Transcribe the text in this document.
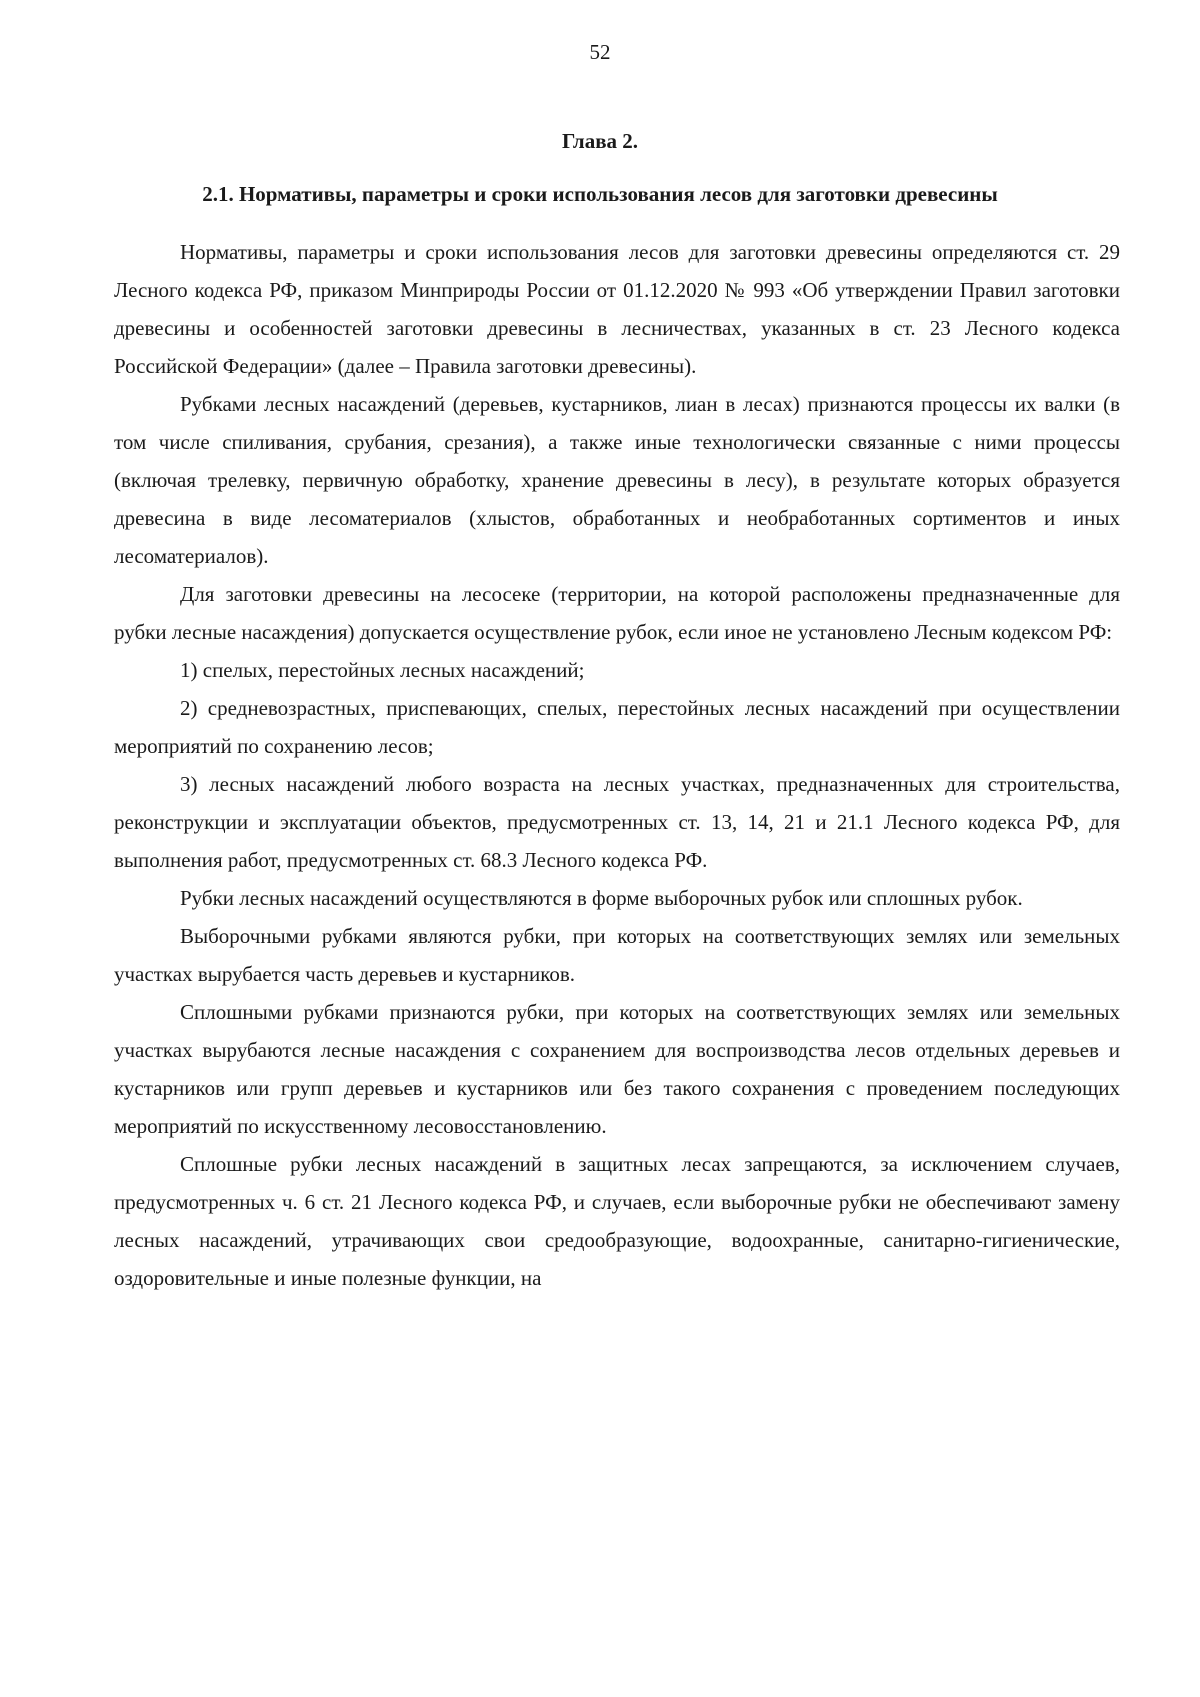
52
Глава 2.
2.1. Нормативы, параметры и сроки использования лесов для заготовки древесины

Нормативы, параметры и сроки использования лесов для заготовки древесины определяются ст. 29 Лесного кодекса РФ, приказом Минприроды России от 01.12.2020 № 993 «Об утверждении Правил заготовки древесины и особенностей заготовки древесины в лесничествах, указанных в ст. 23 Лесного кодекса Российской Федерации» (далее – Правила заготовки древесины).

Рубками лесных насаждений (деревьев, кустарников, лиан в лесах) признаются процессы их валки (в том числе спиливания, срубания, срезания), а также иные технологически связанные с ними процессы (включая трелевку, первичную обработку, хранение древесины в лесу), в результате которых образуется древесина в виде лесоматериалов (хлыстов, обработанных и необработанных сортиментов и иных лесоматериалов).

Для заготовки древесины на лесосеке (территории, на которой расположены предназначенные для рубки лесные насаждения) допускается осуществление рубок, если иное не установлено Лесным кодексом РФ:

1) спелых, перестойных лесных насаждений;

2) средневозрастных, приспевающих, спелых, перестойных лесных насаждений при осуществлении мероприятий по сохранению лесов;

3) лесных насаждений любого возраста на лесных участках, предназначенных для строительства, реконструкции и эксплуатации объектов, предусмотренных ст. 13, 14, 21 и 21.1 Лесного кодекса РФ, для выполнения работ, предусмотренных ст. 68.3 Лесного кодекса РФ.

Рубки лесных насаждений осуществляются в форме выборочных рубок или сплошных рубок.

Выборочными рубками являются рубки, при которых на соответствующих землях или земельных участках вырубается часть деревьев и кустарников.

Сплошными рубками признаются рубки, при которых на соответствующих землях или земельных участках вырубаются лесные насаждения с сохранением для воспроизводства лесов отдельных деревьев и кустарников или групп деревьев и кустарников или без такого сохранения с проведением последующих мероприятий по искусственному лесовосстановлению.

Сплошные рубки лесных насаждений в защитных лесах запрещаются, за исключением случаев, предусмотренных ч. 6 ст. 21 Лесного кодекса РФ, и случаев, если выборочные рубки не обеспечивают замену лесных насаждений, утрачивающих свои средообразующие, водоохранные, санитарно-гигиенические, оздоровительные и иные полезные функции, на
